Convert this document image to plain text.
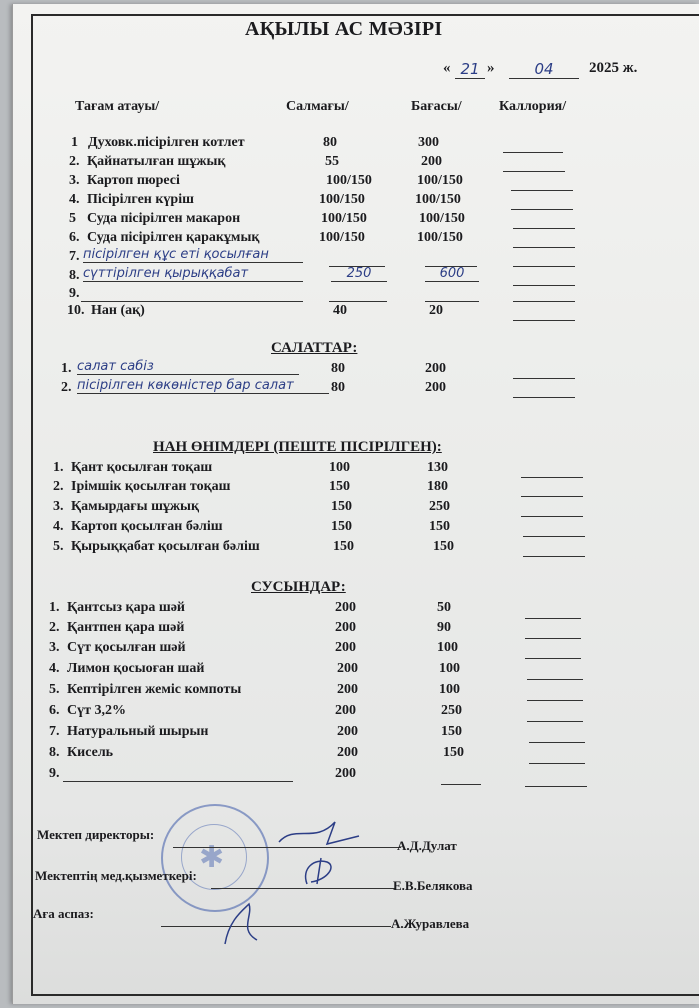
АҚЫЛЫ АС МӘЗІРІ
« 21 »	04	2025 ж.
Тағам атауы/	Салмағы/	Бағасы/	Каллория/
1 Духовк.пісірілген котлет	80	300
2. Қайнатылған шұжық	55	200
3. Картоп пюресі	100/150	100/150
4. Пісірілген күріш	100/150	100/150
5 Суда пісірілген макарон	100/150	100/150
6. Суда пісірілген қаракұмық	100/150	100/150
7. пісірілген құс еті қосылған
8. сүттірілген қырыққабат	250	600
9.
10. Нан (ақ)	40	20
САЛАТТАР:
1. салат сабіз	80	200
2. пісірілген көкөністер бар салат	80	200
НАН ӨНІМДЕРІ (ПЕШТЕ ПІСІРІЛГЕН):
1. Қант қосылған тоқаш	100	130
2. Ірімшік қосылған тоқаш	150	180
3. Қамырдағы шұжық	150	250
4. Картоп қосылған бәліш	150	150
5. Қырыққабат қосылған бәліш	150	150
СУСЫНДАР:
1. Қантсыз қара шәй	200	50
2. Қантпен қара шәй	200	90
3. Сүт қосылған шәй	200	100
4. Лимон қосыоған шай	200	100
5. Кептірілген жеміс компоты	200	100
6. Сүт 3,2%	200	250
7. Натуральный шырын	200	150
8. Кисель	200	150
9.	200
✱
Мектеп директоры:
А.Д.Дулат
Мектептің мед.қызметкері:
Е.В.Белякова
Аға аспаз:
А.Журавлева
